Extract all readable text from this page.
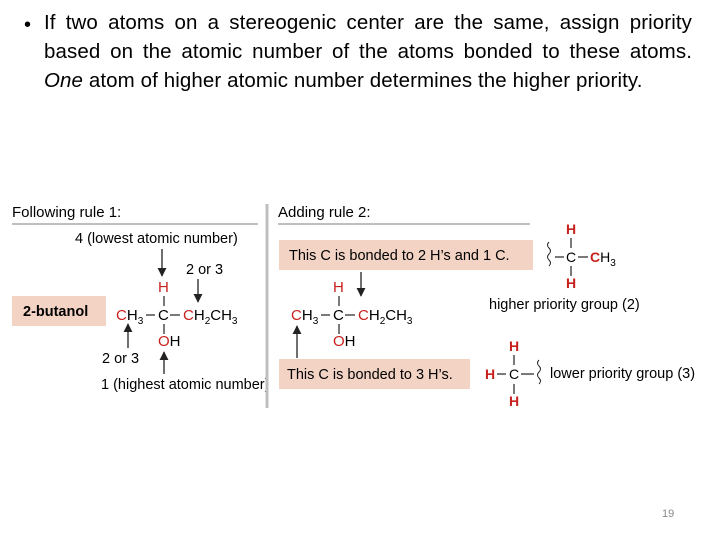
• If two atoms on a stereogenic center are the same, assign priority based on the atomic number of the atoms bonded to these atoms. One atom of higher atomic number determines the higher priority.
Following rule 1:
4 (lowest atomic number)
2 or 3
2-butanol
H
$CH_3$ C $CH_2CH_3$
OH
2 or 3
1 (highest atomic number)
Adding rule 2:
This C is bonded to 2 H’s and 1 C.
H
$CH_3$ C $CH_2CH_3$
OH
This C is bonded to 3 H’s.
H
C $CH_3$
H
higher priority group (2)
H
H C
H
lower priority group (3)
19
